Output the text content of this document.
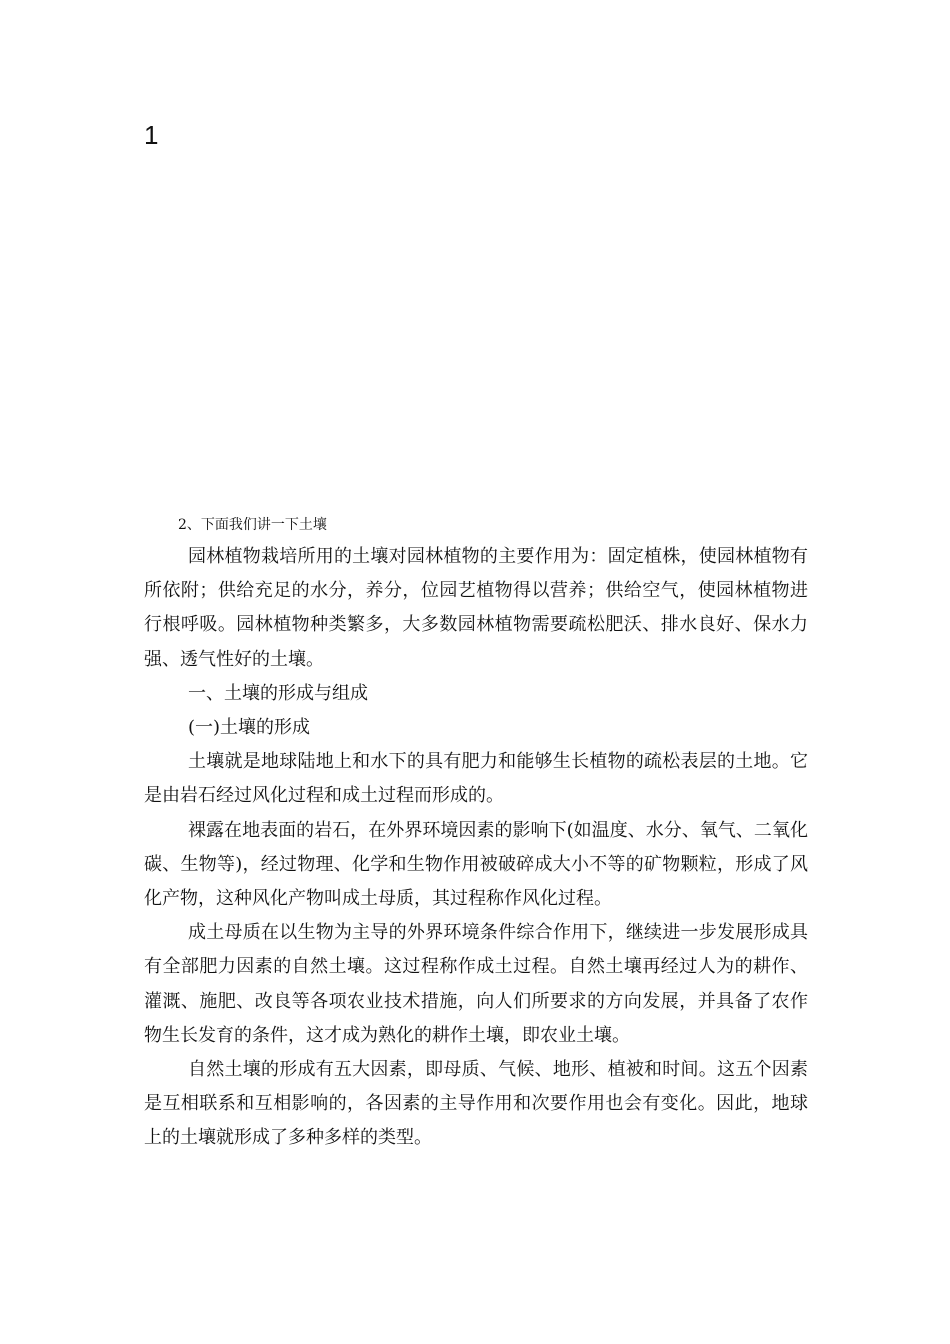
1

2、下面我们讲一下土壤

园林植物栽培所用的土壤对园林植物的主要作用为：固定植株，使园林植物有所依附；供给充足的水分，养分，位园艺植物得以营养；供给空气，使园林植物进行根呼吸。园林植物种类繁多，大多数园林植物需要疏松肥沃、排水良好、保水力强、透气性好的土壤。

一、土壤的形成与组成

(一)土壤的形成

土壤就是地球陆地上和水下的具有肥力和能够生长植物的疏松表层的土地。它是由岩石经过风化过程和成土过程而形成的。

裸露在地表面的岩石，在外界环境因素的影响下(如温度、水分、氧气、二氧化碳、生物等)，经过物理、化学和生物作用被破碎成大小不等的矿物颗粒，形成了风化产物，这种风化产物叫成土母质，其过程称作风化过程。

成土母质在以生物为主导的外界环境条件综合作用下，继续进一步发展形成具有全部肥力因素的自然土壤。这过程称作成土过程。自然土壤再经过人为的耕作、灌溉、施肥、改良等各项农业技术措施，向人们所要求的方向发展，并具备了农作物生长发育的条件，这才成为熟化的耕作土壤，即农业土壤。

自然土壤的形成有五大因素，即母质、气候、地形、植被和时间。这五个因素是互相联系和互相影响的，各因素的主导作用和次要作用也会有变化。因此，地球上的土壤就形成了多种多样的类型。
